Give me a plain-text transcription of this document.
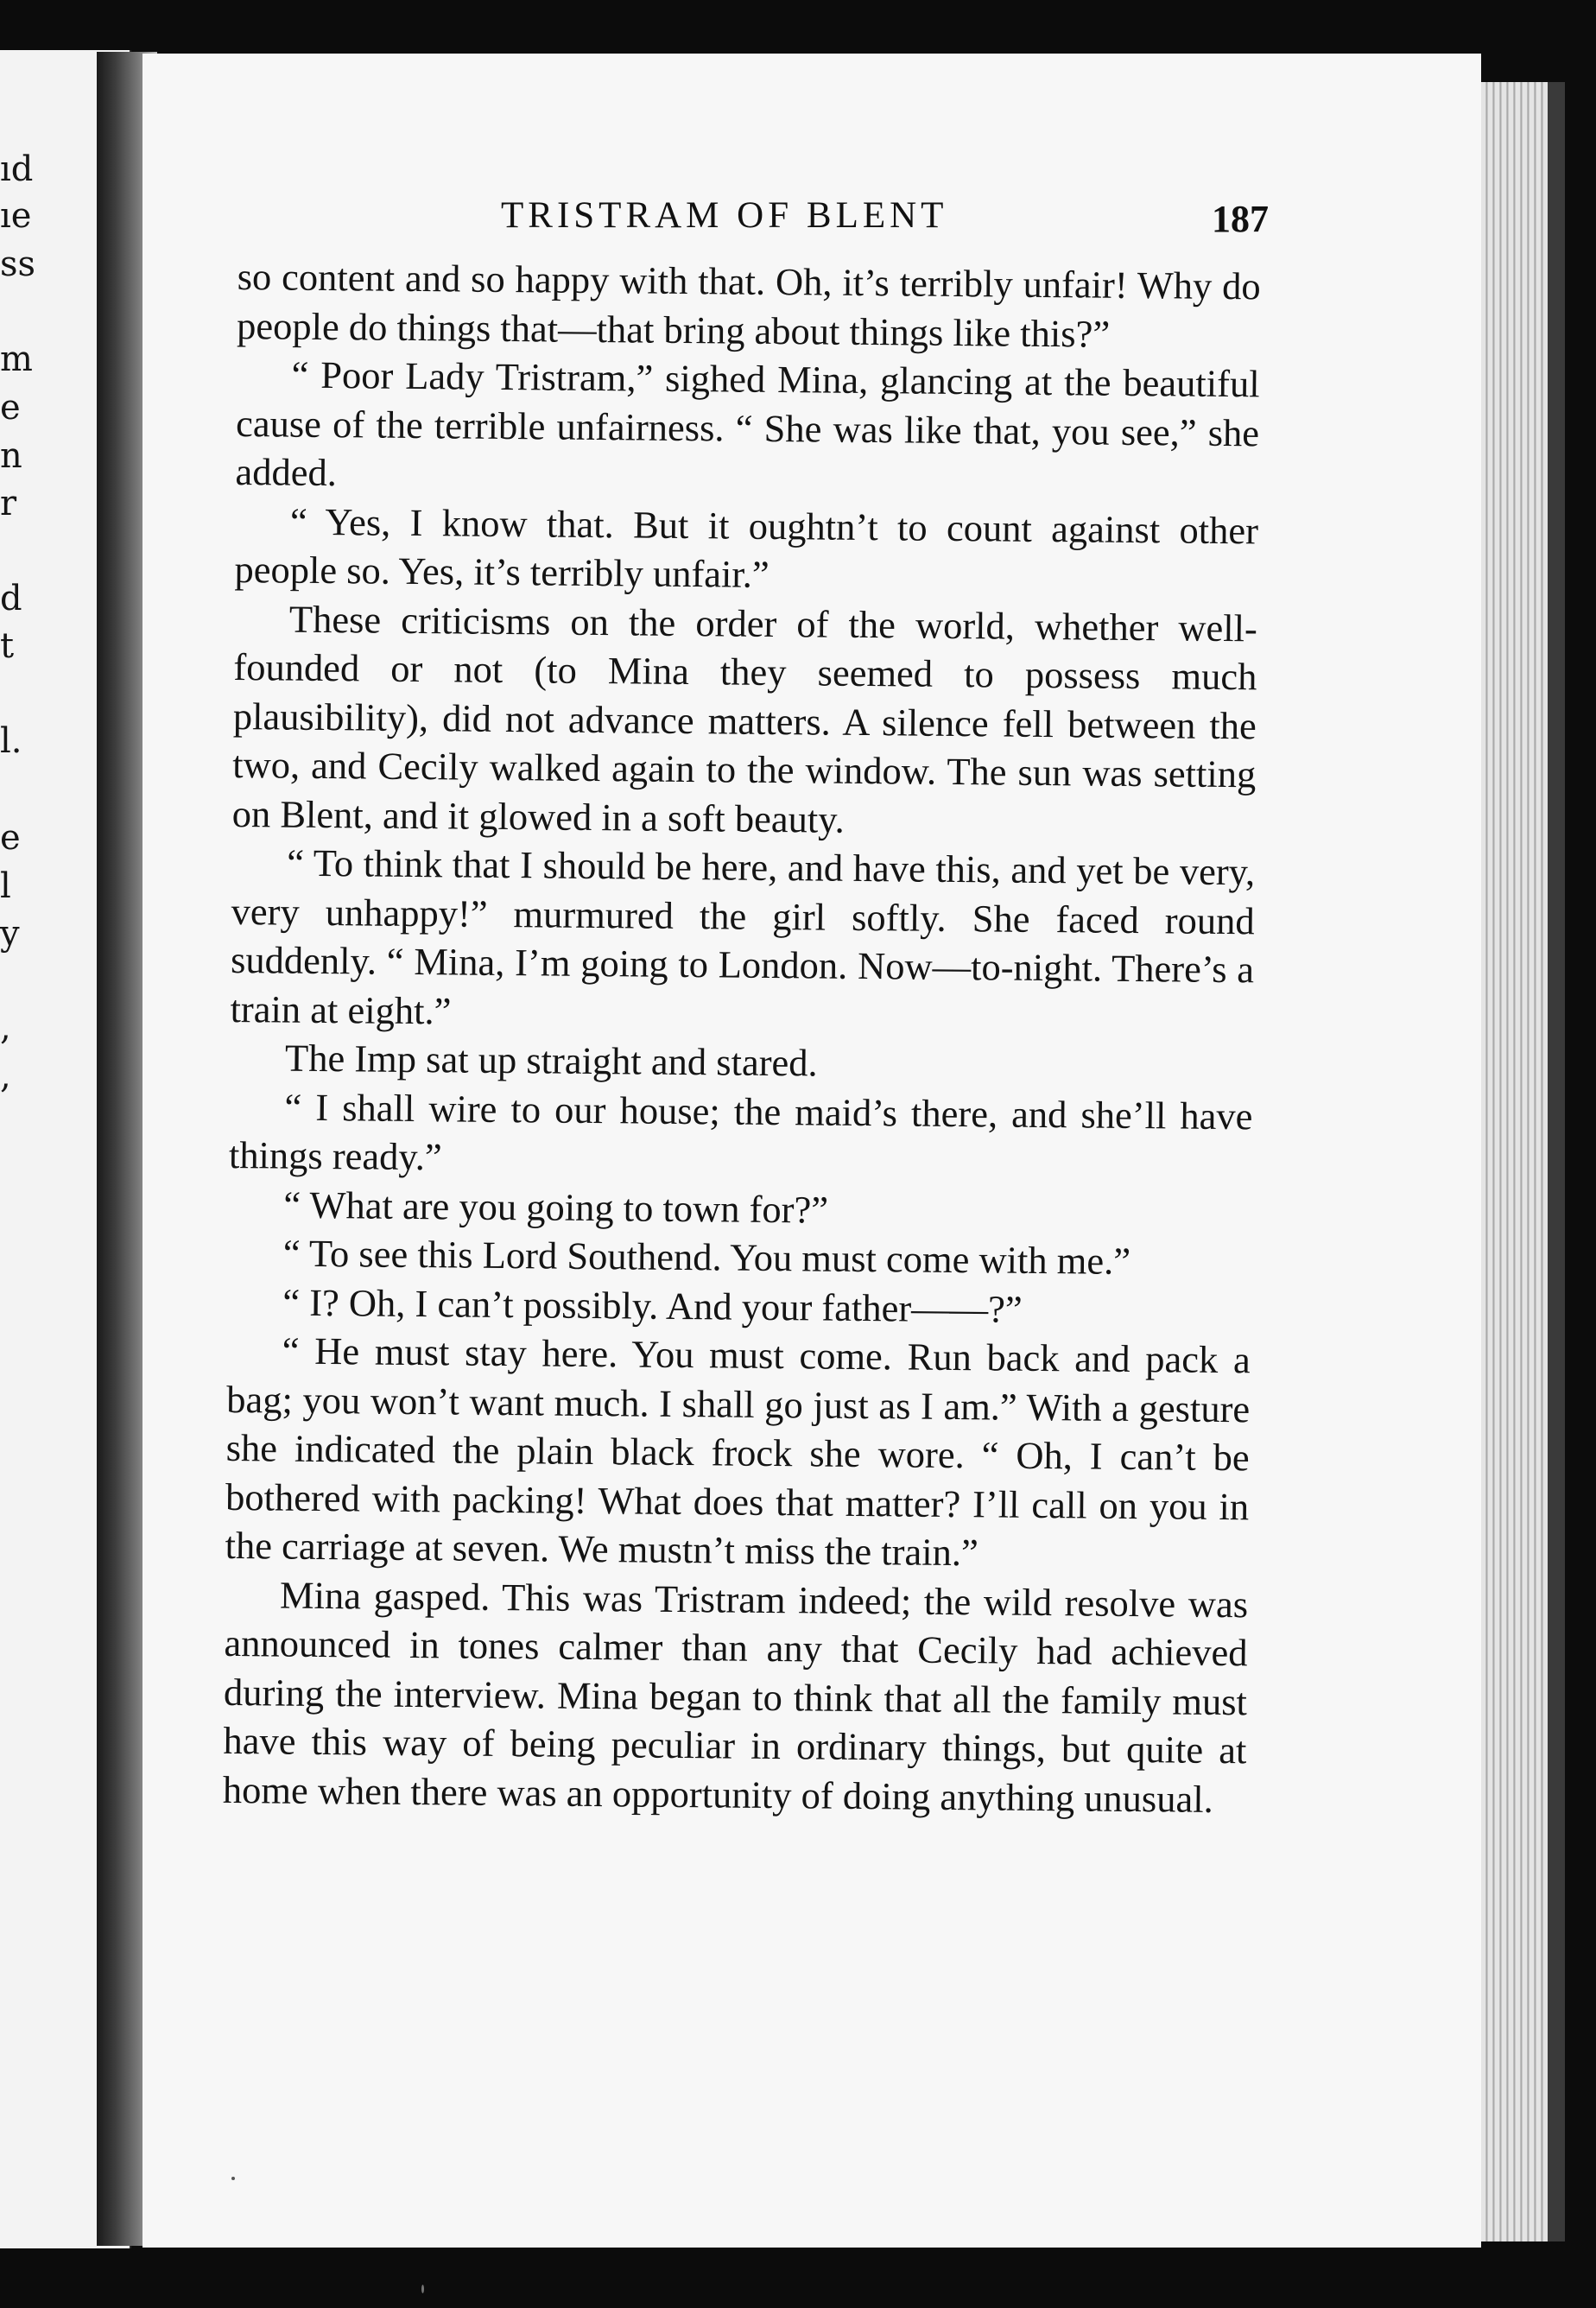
ıd
ıe
ss
m
e
n
r
d
t
l.
e
l
y
,
,
TRISTRAM OF BLENT	187

so content and so happy with that. Oh, it’s terribly unfair! Why do people do things that—that bring about things like this?”

“ Poor Lady Tristram,” sighed Mina, glancing at the beautiful cause of the terrible unfairness. “ She was like that, you see,” she added.

“ Yes, I know that. But it oughtn’t to count against other people so. Yes, it’s terribly unfair.”

These criticisms on the order of the world, whether well-founded or not (to Mina they seemed to possess much plausibility), did not advance matters. A silence fell between the two, and Cecily walked again to the window. The sun was setting on Blent, and it glowed in a soft beauty.

“ To think that I should be here, and have this, and yet be very, very unhappy!” murmured the girl softly. She faced round suddenly. “ Mina, I’m going to London. Now—to-night. There’s a train at eight.”

The Imp sat up straight and stared.

“ I shall wire to our house; the maid’s there, and she’ll have things ready.”

“ What are you going to town for?”

“ To see this Lord Southend. You must come with me.”

“ I? Oh, I can’t possibly. And your father——?”

“ He must stay here. You must come. Run back and pack a bag; you won’t want much. I shall go just as I am.” With a gesture she indicated the plain black frock she wore. “ Oh, I can’t be bothered with packing! What does that matter? I’ll call on you in the carriage at seven. We mustn’t miss the train.”

Mina gasped. This was Tristram indeed; the wild resolve was announced in tones calmer than any that Cecily had achieved during the interview. Mina began to think that all the family must have this way of being peculiar in ordinary things, but quite at home when there was an opportunity of doing anything unusual.
